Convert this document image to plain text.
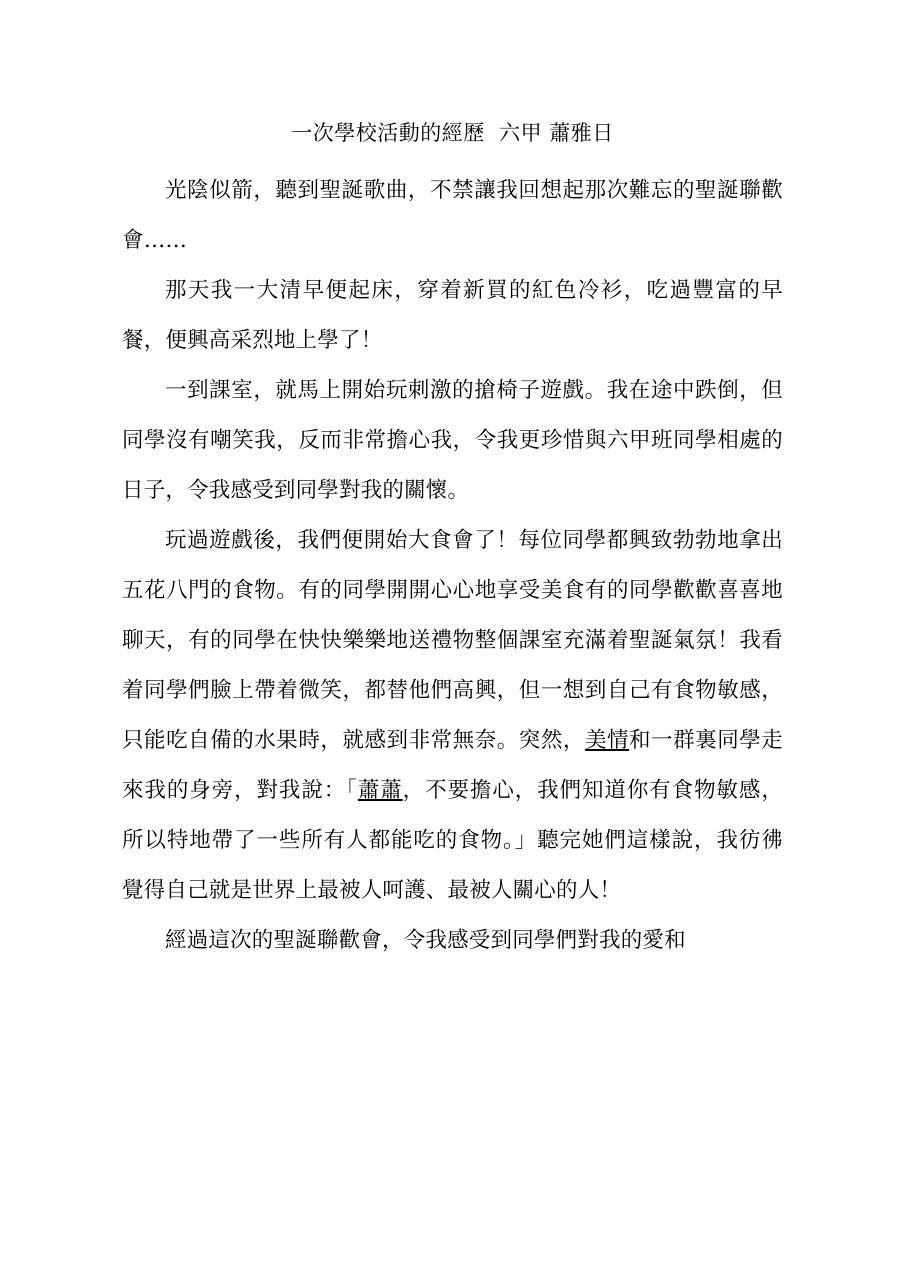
一次學校活動的經歷  六甲 蕭雅日

光陰似箭，聽到聖誕歌曲，不禁讓我回想起那次難忘的聖誕聯歡會……

那天我一大清早便起床，穿着新買的紅色冷衫，吃過豐富的早餐，便興高采烈地上學了！

一到課室，就馬上開始玩刺激的搶椅子遊戲。我在途中跌倒，但同學沒有嘲笑我，反而非常擔心我，令我更珍惜與六甲班同學相處的日子，令我感受到同學對我的關懷。

玩過遊戲後，我們便開始大食會了！每位同學都興致勃勃地拿出五花八門的食物。有的同學開開心心地享受美食有的同學歡歡喜喜地聊天，有的同學在快快樂樂地送禮物整個課室充滿着聖誕氣氛！我看着同學們臉上帶着微笑，都替他們高興，但一想到自己有食物敏感，只能吃自備的水果時，就感到非常無奈。突然，美情和一群裏同學走來我的身旁，對我說：「蕭蕭，不要擔心，我們知道你有食物敏感，所以特地帶了一些所有人都能吃的食物。」聽完她們這樣說，我彷彿覺得自己就是世界上最被人呵護、最被人關心的人！

經過這次的聖誕聯歡會，令我感受到同學們對我的愛和
